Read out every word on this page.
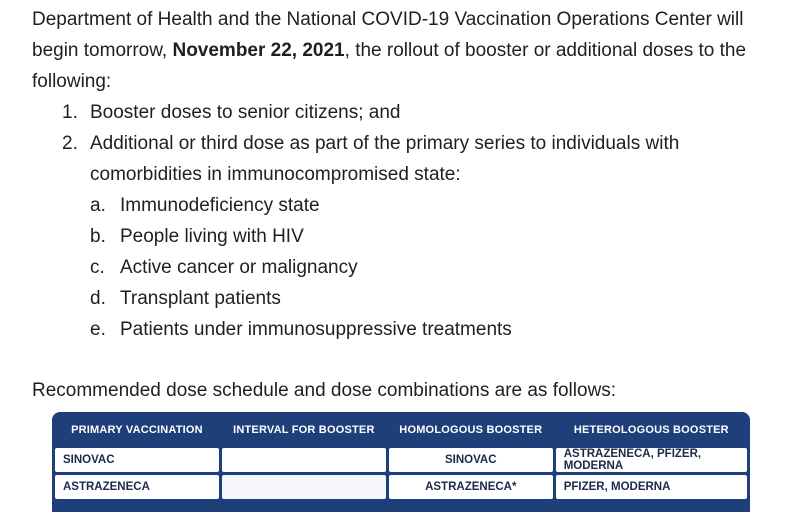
Department of Health and the National COVID-19 Vaccination Operations Center will begin tomorrow, November 22, 2021, the rollout of booster or additional doses to the following:

1. Booster doses to senior citizens; and
2. Additional or third dose as part of the primary series to individuals with comorbidities in immunocompromised state:
a. Immunodeficiency state
b. People living with HIV
c. Active cancer or malignancy
d. Transplant patients
e. Patients under immunosuppressive treatments

Recommended dose schedule and dose combinations are as follows:

PRIMARY VACCINATION	INTERVAL FOR BOOSTER	HOMOLOGOUS BOOSTER	HETEROLOGOUS BOOSTER
SINOVAC		SINOVAC	ASTRAZENECA, PFIZER, MODERNA
ASTRAZENECA		ASTRAZENECA*	PFIZER, MODERNA
